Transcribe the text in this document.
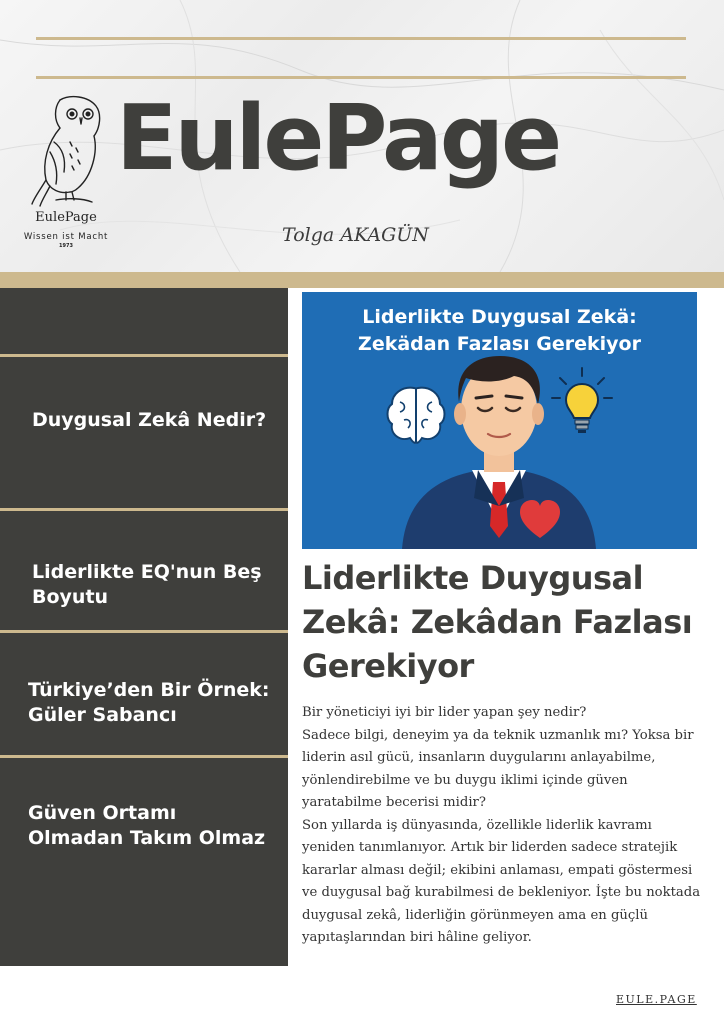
EulePage
EulePage
Wissen ist Macht
1973	Tolga AKAGÜN
Duygusal Zekâ Nedir?
Liderlikte EQ'nun Beş Boyutu
Türkiye’den Bir Örnek: Güler Sabancı
Güven Ortamı Olmadan Takım Olmaz
Liderlikte Duygusal Zekä:
Zekädan Fazlası Gerekiyor
Liderlikte Duygusal Zekâ: Zekâdan Fazlası Gerekiyor

Bir yöneticiyi iyi bir lider yapan şey nedir?

Sadece bilgi, deneyim ya da teknik uzmanlık mı? Yoksa bir liderin asıl gücü, insanların duygularını anlayabilme, yönlendirebilme ve bu duygu iklimi içinde güven yaratabilme becerisi midir?

Son yıllarda iş dünyasında, özellikle liderlik kavramı yeniden tanımlanıyor. Artık bir liderden sadece stratejik kararlar alması değil; ekibini anlaması, empati göstermesi ve duygusal bağ kurabilmesi de bekleniyor. İşte bu noktada duygusal zekâ, liderliğin görünmeyen ama en güçlü yapıtaşlarından biri hâline geliyor.

EULE.PAGE
